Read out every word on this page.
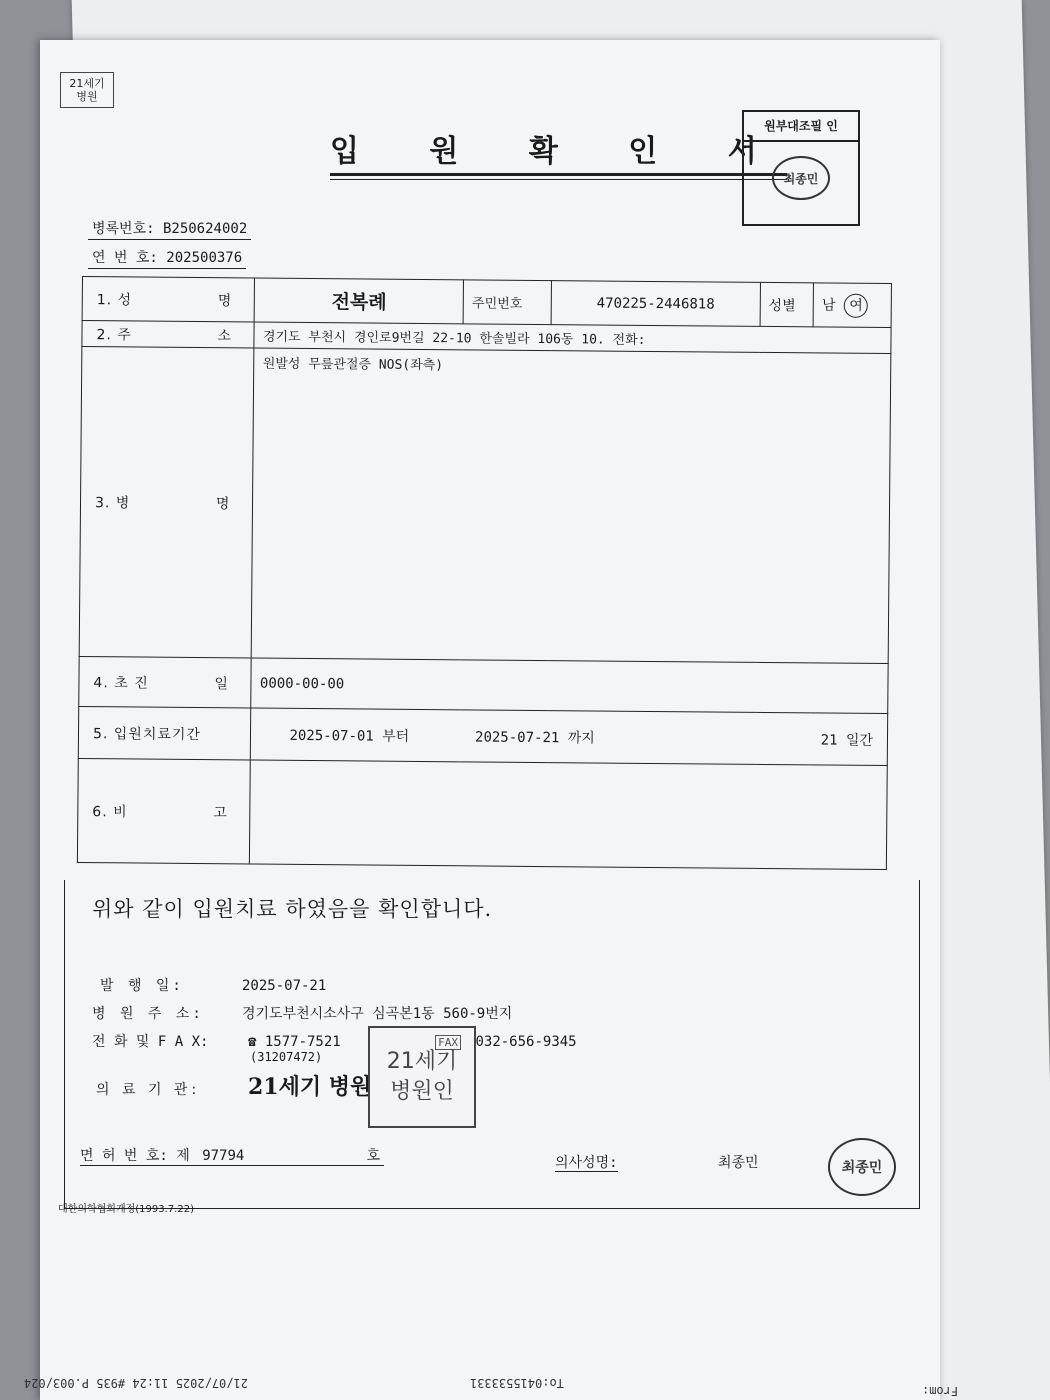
21세기
병원
입 원 확 인 서
원부대조필 인
최종민
병록번호: B250624002
연 번 호: 202500376
1. 성 명	전복례	주민번호	470225-2446818	성별	남 여

2. 주 소	경기도 부천시 경인로9번길 22-10 한솔빌라 106동 10. 전화:				

3. 병 명	원발성 무릎관절증 NOS(좌측)				

4. 초 진 일	0000-00-00				
5. 입원치료기간	2025-07-01 부터 2025-07-21 까지 21 일간				

6. 비 고					

위와 같이 입원치료 하였음을 확인합니다.
발 행 일:	2025-07-21
병 원 주 소:	경기도부천시소사구 심곡본1동 560-9번지
전 화 및 F A X:	☎ 1577-7521	FAX 032-656-9345
(31207472)
의 료 기 관: 21세기 병원
21세기
병원인
면 허 번 호: 제 97794	호	의사성명:	최종민	최종민
대한의학협회개정(1993.7.22)
21/07/2025 11:24 #935 P.003/024	To:0415533331
From:
